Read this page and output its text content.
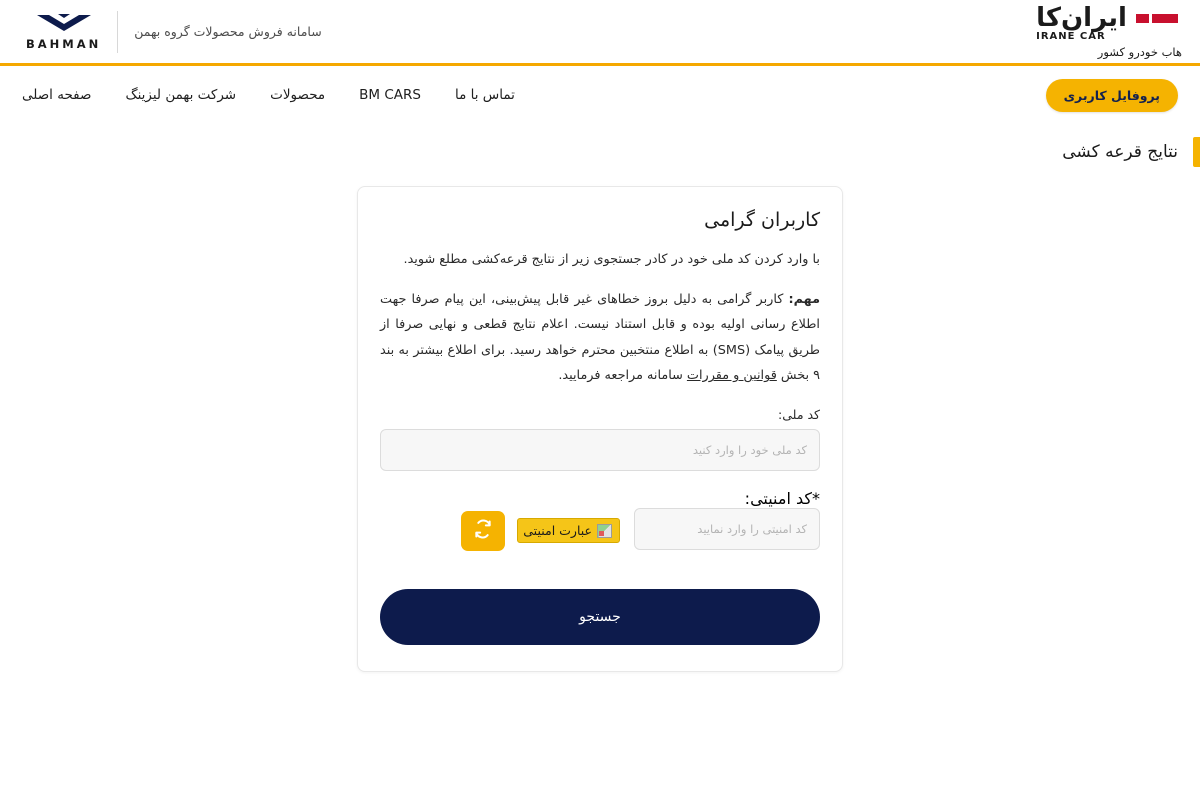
ایران‌کا
IRANE CAR
هاب خودرو کشور
سامانه فروش محصولات گروه بهمن
BAHMAN
پروفایل کاربری
تماس با ما
BM CARS
محصولات
شرکت بهمن لیزینگ
صفحه اصلی
نتایج قرعه کشی
کاربران گرامی

با وارد کردن کد ملی خود در کادر جستجوی زیر از نتایج قرعه‌کشی مطلع شوید.

مهم: کاربر گرامی به دلیل بروز خطاهای غیر قابل پیش‌بینی، این پیام صرفا جهت اطلاع رسانی اولیه بوده و قابل استناد نیست. اعلام نتایج قطعی و نهایی صرفا از طریق پیامک (SMS) به اطلاع منتخبین محترم خواهد رسید. برای اطلاع بیشتر به بند ۹ بخش قوانین و مقررات سامانه مراجعه فرمایید.

کد ملی:
کد ملی خود را وارد کنید
*کد امنیتی: کد امنیتی را وارد نمایید
عبارت امنیتی
جستجو
